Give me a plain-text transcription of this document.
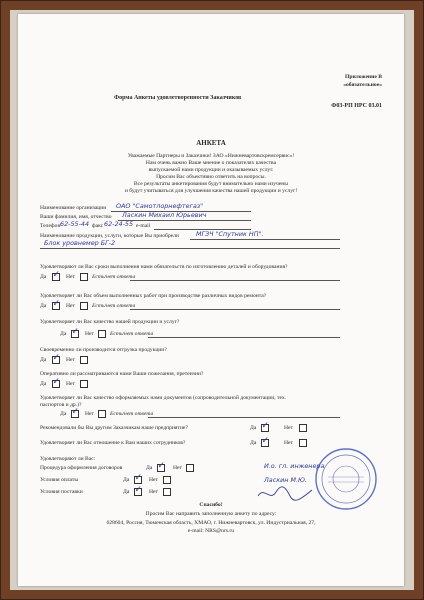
Приложение В
«обязательное»
Форма Анкеты удовлетворенности Заказчиков
Ф03-РП НРС 03.01
АНКЕТА
Уважаемые Партнеры и Заказчики! ЗАО «Нижневартовскремсервис»!
Нам очень важно Ваше мнение о показателях качества
выпускаемой нами продукции и оказываемых услуг.
Просим Вас объективно ответить на вопросы.
Все результаты анкетирования будут внимательно нами изучены
и будут учитываться для улучшения качества нашей продукции и услуг!
Наименование организации ОАО "Самотлорнефтегаз"
Ваши фамилия, имя, отчество Ласкин Михаил Юрьевич
Телефон 62-55-44 факс 62-24-55 e-mail
Наименование продукции, услуги, которые Вы приобрели	МГЗЧ "Спутник НП".
Блок уровнемер БГ-2
Удовлетворяют ли Вас сроки выполнения нами обязательств по изготовлению деталей и оборудования?
Да ✓ Нет	Есть/нет ответа
Удовлетворяет ли Вас объем выполненных работ при производстве различных видов ремонта?
Да ✓ Нет	Есть/нет ответа
Удовлетворяет ли Вас качество нашей продукции и услуг?
Да ✓ Нет	Есть/нет ответа
Своевременно ли производится отгрузка продукции?
Да ✓ Нет
Оперативно ли рассматриваются нами Ваши пожелания, претензии?
Да ✓ Нет
Удовлетворяет ли Вас качество оформляемых нами документов (сопроводительной документации, тех.
паспортов и др.)?
Да ✓ Нет	Есть/нет ответа
Рекомендовали бы Вы другим Заказчикам наше предприятие?	Да ✓	Нет
Удовлетворяет ли Вас отношение к Вам наших сотрудников?	Да ✓	Нет
Удовлетворяют ли Вас:
Процедура оформления договоров	Да ✓ Нет
Условия оплаты	Да ✓ Нет
Условия поставки	Да ✓ Нет
И.о. гл. инженера
Ласкин М.Ю.
Спасибо!
Просим Вас направить заполненную анкету по адресу:
628604, Россия, Тюменская область, ХМАО, г. Нижневартовск, ул. Индустриальная, 27,
e-mail: NRS@nrs.ru
